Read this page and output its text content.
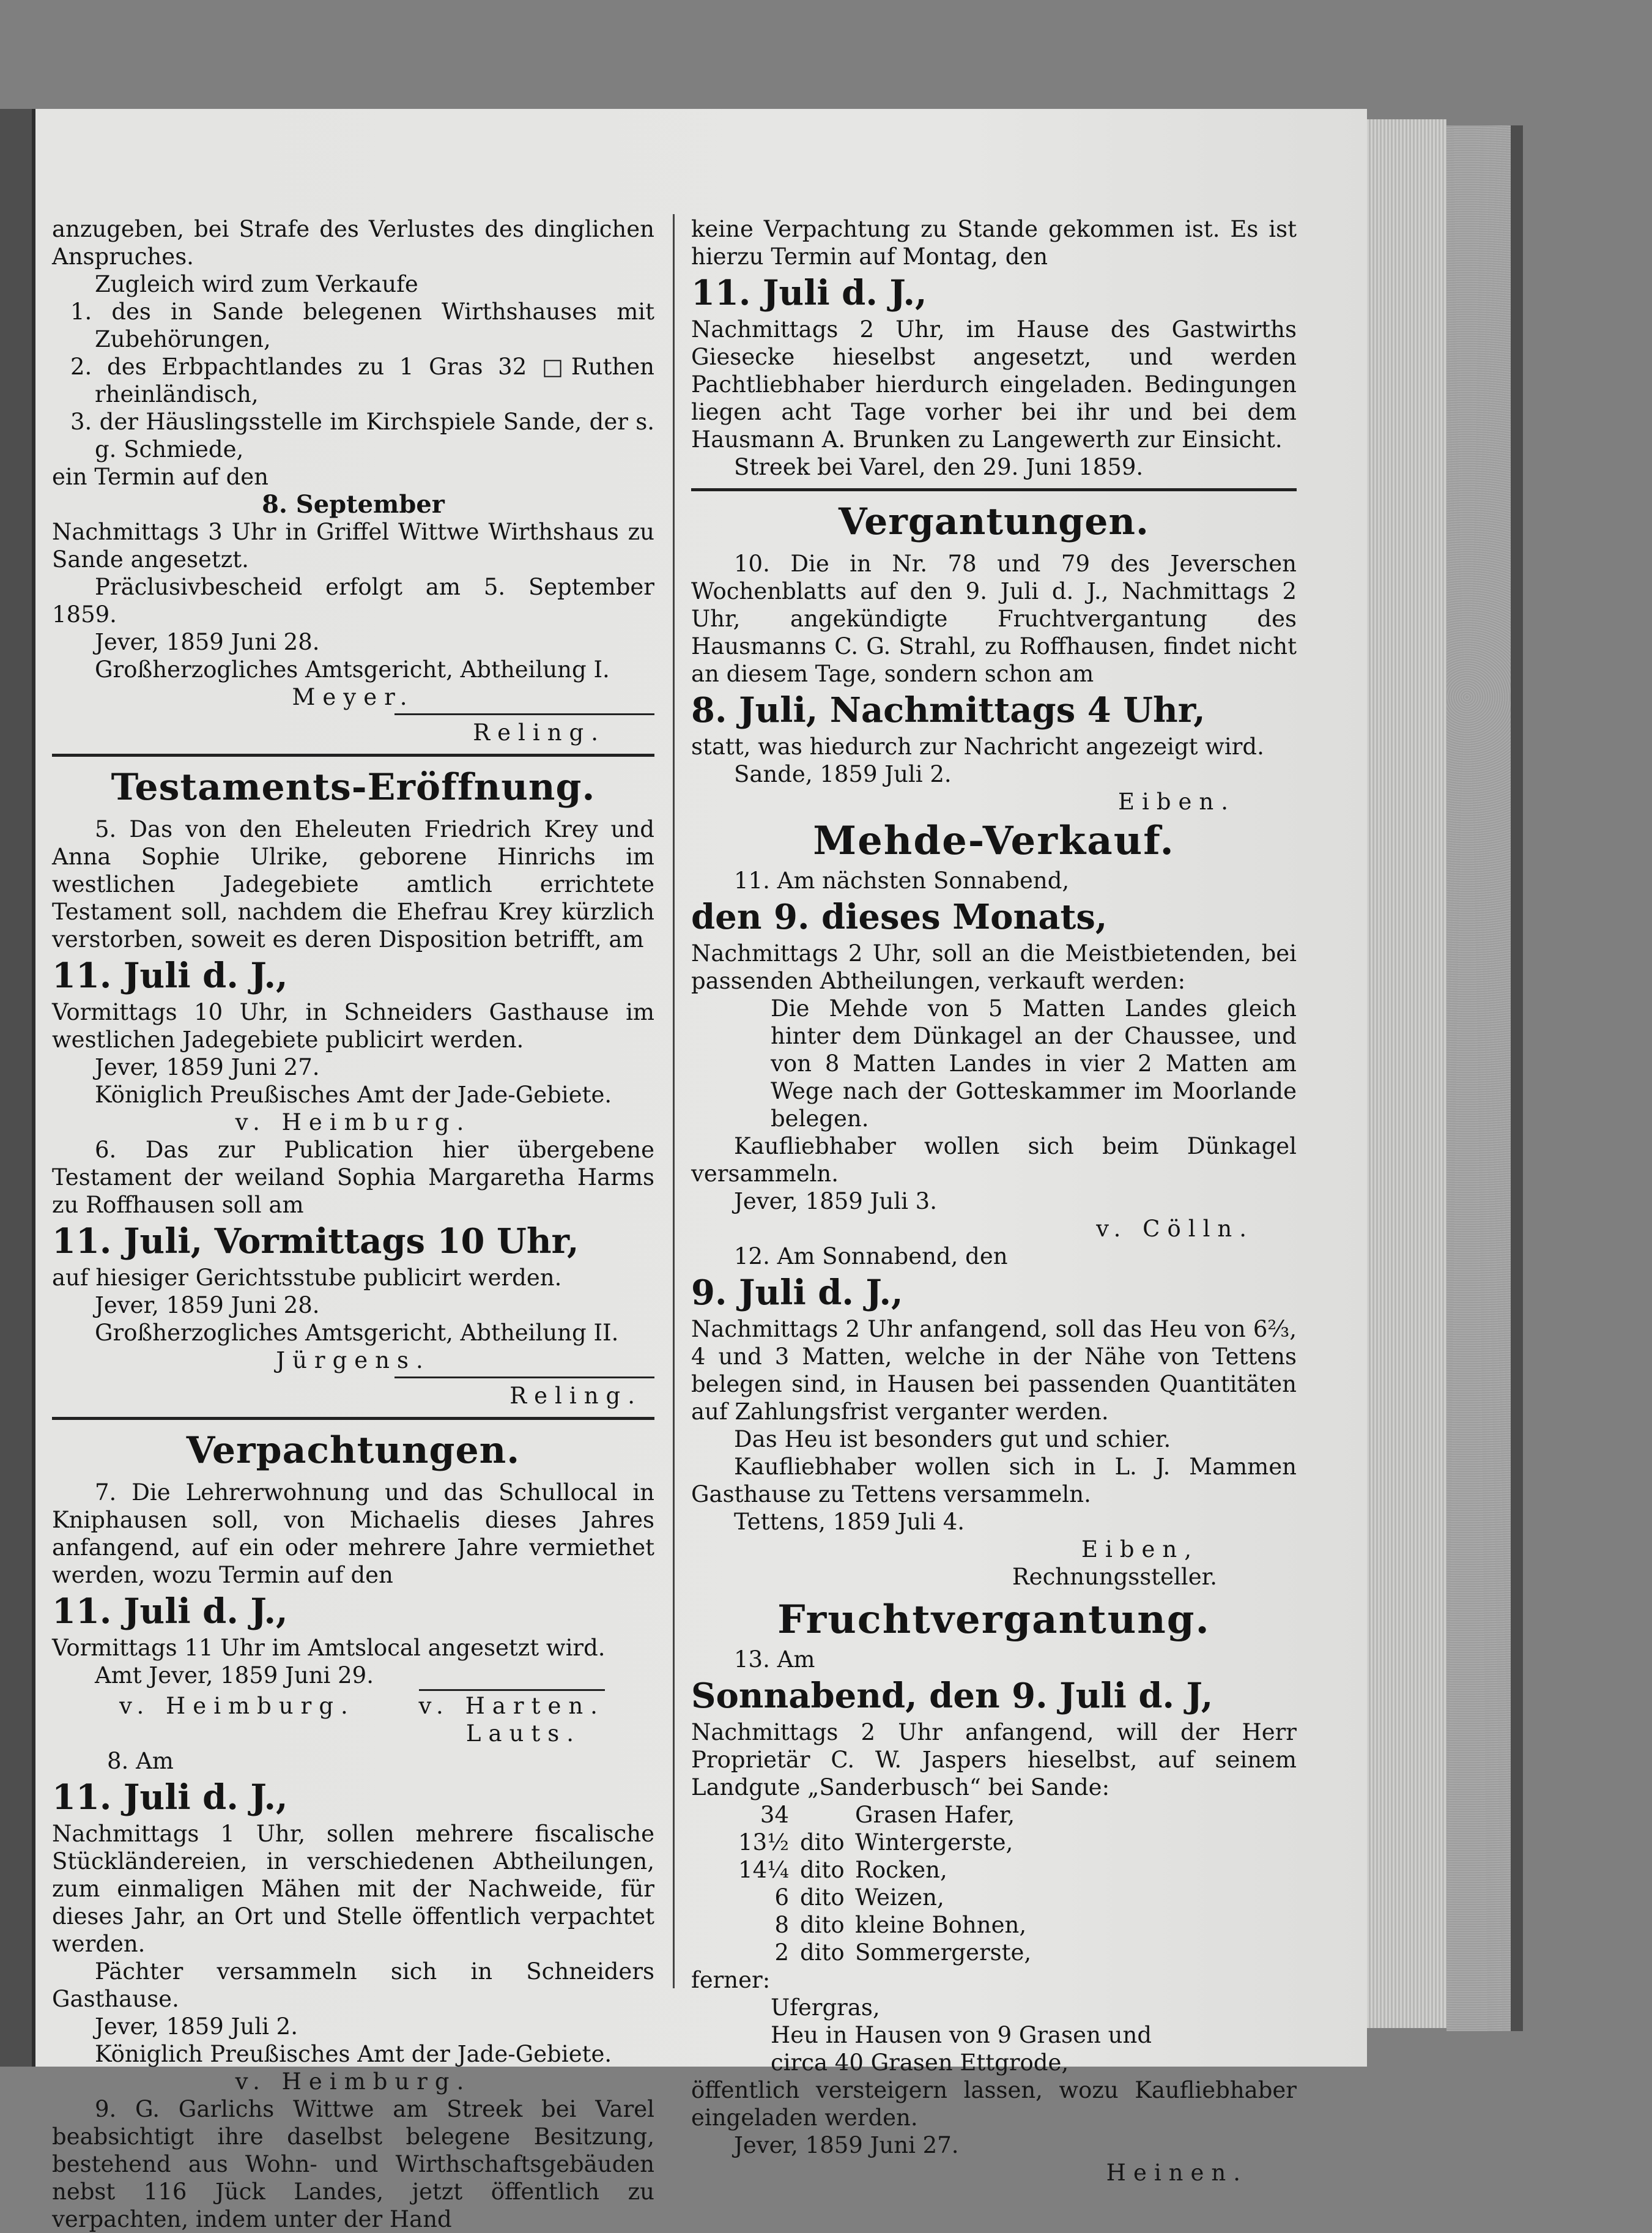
anzugeben, bei Strafe des Verlustes des dinglichen Anspruches.

Zugleich wird zum Verkaufe

1. des in Sande belegenen Wirthshauses mit Zubehörungen,

2. des Erbpachtlandes zu 1 Gras 32 □Ruthen rheinländisch,

3. der Häuslingsstelle im Kirchspiele Sande, der s. g. Schmiede,

ein Termin auf den

8. September

Nachmittags 3 Uhr in Griffel Wittwe Wirthshaus zu Sande angesetzt.

Präclusivbescheid erfolgt am 5. September 1859.

Jever, 1859 Juni 28.

Großherzogliches Amtsgericht, Abtheilung I.

Meyer.

Reling.

Testaments-Eröffnung.

5. Das von den Eheleuten Friedrich Krey und Anna Sophie Ulrike, geborene Hinrichs im westlichen Jadegebiete amtlich errichtete Testament soll, nachdem die Ehefrau Krey kürzlich verstorben, soweit es deren Disposition betrifft, am

11. Juli d. J.,

Vormittags 10 Uhr, in Schneiders Gasthause im westlichen Jadegebiete publicirt werden.

Jever, 1859 Juni 27.

Königlich Preußisches Amt der Jade-Gebiete.

v. Heimburg.

6. Das zur Publication hier übergebene Testament der weiland Sophia Margaretha Harms zu Roffhausen soll am

11. Juli, Vormittags 10 Uhr,

auf hiesiger Gerichtsstube publicirt werden.

Jever, 1859 Juni 28.

Großherzogliches Amtsgericht, Abtheilung II.

Jürgens.

Reling.

Verpachtungen.

7. Die Lehrerwohnung und das Schullocal in Kniphausen soll, von Michaelis dieses Jahres anfangend, auf ein oder mehrere Jahre vermiethet werden, wozu Termin auf den

11. Juli d. J.,

Vormittags 11 Uhr im Amtslocal angesetzt wird.

Amt Jever, 1859 Juni 29.

v. Heimburg.	v. Harten.

Lauts.

8. Am

11. Juli d. J.,

Nachmittags 1 Uhr, sollen mehrere fiscalische Stückländereien, in verschiedenen Abtheilungen, zum einmaligen Mähen mit der Nachweide, für dieses Jahr, an Ort und Stelle öffentlich verpachtet werden.

Pächter versammeln sich in Schneiders Gasthause.

Jever, 1859 Juli 2.

Königlich Preußisches Amt der Jade-Gebiete.

v. Heimburg.

9. G. Garlichs Wittwe am Streek bei Varel beabsichtigt ihre daselbst belegene Besitzung, bestehend aus Wohn- und Wirthschaftsgebäuden nebst 116 Jück Landes, jetzt öffentlich zu verpachten, indem unter der Hand

keine Verpachtung zu Stande gekommen ist. Es ist hierzu Termin auf Montag, den

11. Juli d. J.,

Nachmittags 2 Uhr, im Hause des Gastwirths Giesecke hieselbst angesetzt, und werden Pachtliebhaber hierdurch eingeladen. Bedingungen liegen acht Tage vorher bei ihr und bei dem Hausmann A. Brunken zu Langewerth zur Einsicht.

Streek bei Varel, den 29. Juni 1859.

Vergantungen.

10. Die in Nr. 78 und 79 des Jeverschen Wochenblatts auf den 9. Juli d. J., Nachmittags 2 Uhr, angekündigte Fruchtvergantung des Hausmanns C. G. Strahl, zu Roffhausen, findet nicht an diesem Tage, sondern schon am

8. Juli, Nachmittags 4 Uhr,

statt, was hiedurch zur Nachricht angezeigt wird.

Sande, 1859 Juli 2.

Eiben.

Mehde-Verkauf.

11. Am nächsten Sonnabend,

den 9. dieses Monats,

Nachmittags 2 Uhr, soll an die Meistbietenden, bei passenden Abtheilungen, verkauft werden:

Die Mehde von 5 Matten Landes gleich hinter dem Dünkagel an der Chaussee, und von 8 Matten Landes in vier 2 Matten am Wege nach der Gotteskammer im Moorlande belegen.

Kaufliebhaber wollen sich beim Dünkagel versammeln.

Jever, 1859 Juli 3.

v. Cölln.

12. Am Sonnabend, den

9. Juli d. J.,

Nachmittags 2 Uhr anfangend, soll das Heu von 6⅔, 4 und 3 Matten, welche in der Nähe von Tettens belegen sind, in Hausen bei passenden Quantitäten auf Zahlungsfrist verganter werden.

Das Heu ist besonders gut und schier.

Kaufliebhaber wollen sich in L. J. Mammen Gasthause zu Tettens versammeln.

Tettens, 1859 Juli 4.

Eiben,

Rechnungssteller.

Fruchtvergantung.

13. Am

Sonnabend, den 9. Juli d. J,

Nachmittags 2 Uhr anfangend, will der Herr Proprietär C. W. Jaspers hieselbst, auf seinem Landgute „Sanderbusch“ bei Sande:

34	Grasen Hafer,

13½ dito Wintergerste,

14¼ dito Rocken,

6 dito Weizen,

8 dito kleine Bohnen,

2 dito Sommergerste,

ferner:

Ufergras,

Heu in Hausen von 9 Grasen und

circa 40 Grasen Ettgrode,

öffentlich versteigern lassen, wozu Kaufliebhaber eingeladen werden.

Jever, 1859 Juni 27.

Heinen.
